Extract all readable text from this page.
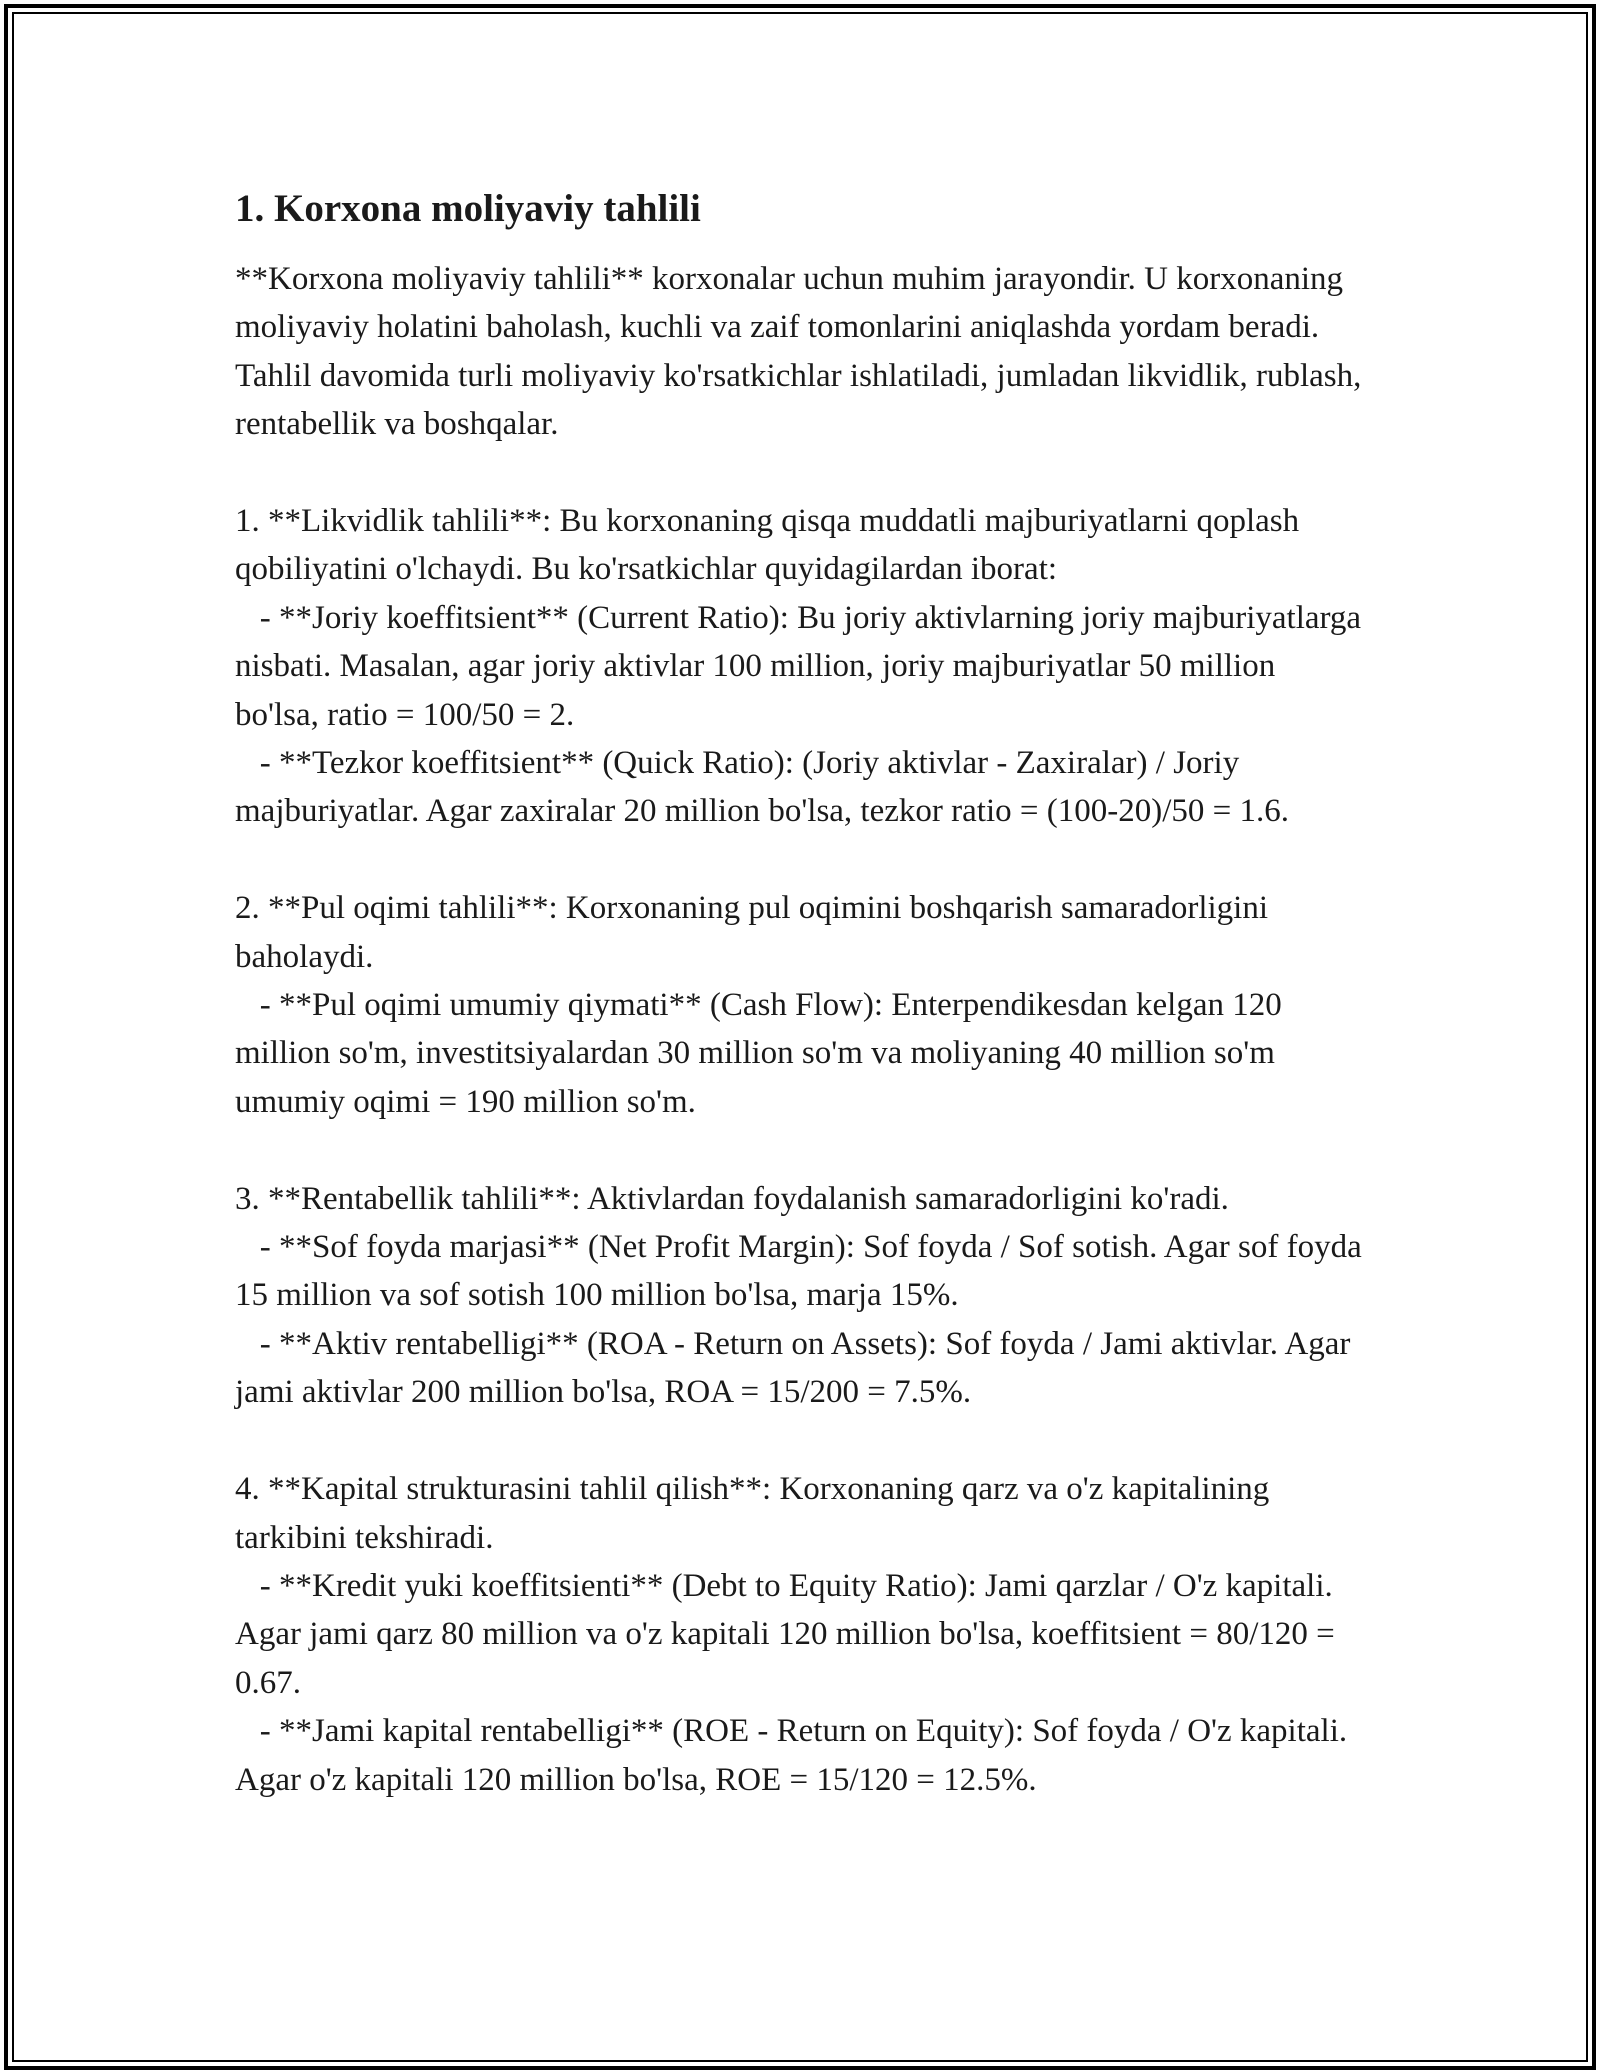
1. Korxona moliyaviy tahlili

**Korxona moliyaviy tahlili** korxonalar uchun muhim jarayondir. U korxonaning moliyaviy holatini baholash, kuchli va zaif tomonlarini aniqlashda yordam beradi. Tahlil davomida turli moliyaviy ko'rsatkichlar ishlatiladi, jumladan likvidlik, rublash, rentabellik va boshqalar.

1. **Likvidlik tahlili**: Bu korxonaning qisqa muddatli majburiyatlarni qoplash qobiliyatini o'lchaydi. Bu ko'rsatkichlar quyidagilardan iborat:

- **Joriy koeffitsient** (Current Ratio): Bu joriy aktivlarning joriy majburiyatlarga nisbati. Masalan, agar joriy aktivlar 100 million, joriy majburiyatlar 50 million bo'lsa, ratio = 100/50 = 2.

- **Tezkor koeffitsient** (Quick Ratio): (Joriy aktivlar - Zaxiralar) / Joriy majburiyatlar. Agar zaxiralar 20 million bo'lsa, tezkor ratio = (100-20)/50 = 1.6.

2. **Pul oqimi tahlili**: Korxonaning pul oqimini boshqarish samaradorligini baholaydi.

- **Pul oqimi umumiy qiymati** (Cash Flow): Enterpendikesdan kelgan 120 million so'm, investitsiyalardan 30 million so'm va moliyaning 40 million so'm umumiy oqimi = 190 million so'm.

3. **Rentabellik tahlili**: Aktivlardan foydalanish samaradorligini ko'radi.

- **Sof foyda marjasi** (Net Profit Margin): Sof foyda / Sof sotish. Agar sof foyda 15 million va sof sotish 100 million bo'lsa, marja 15%.

- **Aktiv rentabelligi** (ROA - Return on Assets): Sof foyda / Jami aktivlar. Agar jami aktivlar 200 million bo'lsa, ROA = 15/200 = 7.5%.

4. **Kapital strukturasini tahlil qilish**: Korxonaning qarz va o'z kapitalining tarkibini tekshiradi.

- **Kredit yuki koeffitsienti** (Debt to Equity Ratio): Jami qarzlar / O'z kapitali. Agar jami qarz 80 million va o'z kapitali 120 million bo'lsa, koeffitsient = 80/120 = 0.67.

- **Jami kapital rentabelligi** (ROE - Return on Equity): Sof foyda / O'z kapitali. Agar o'z kapitali 120 million bo'lsa, ROE = 15/120 = 12.5%.
